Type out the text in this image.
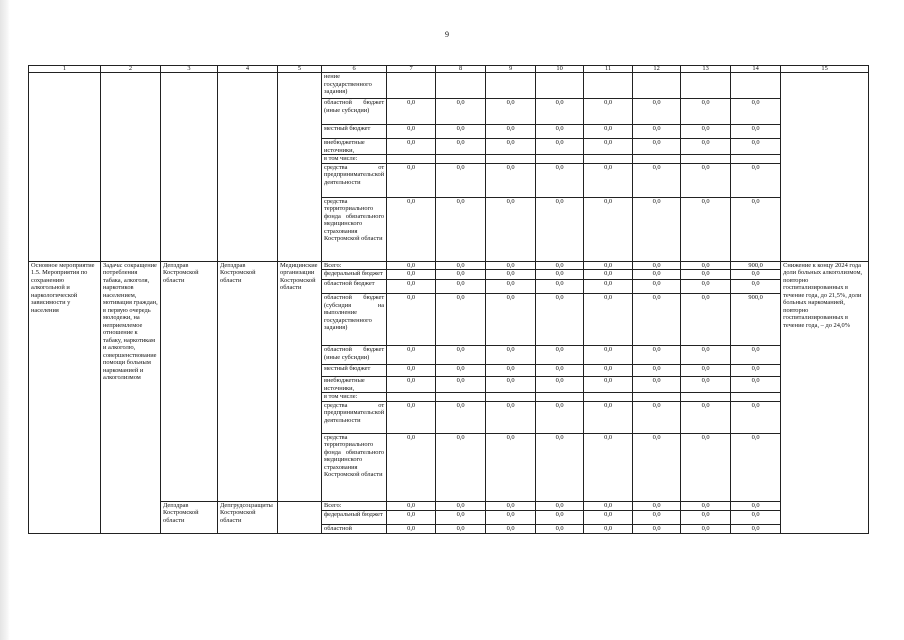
9
1	2	3	4	5	6	7	8	9	10	11	12	13	14	15
					нение государственного задания)									
					областной бюджет (иные субсидии)	0,0	0,0	0,0	0,0	0,0	0,0	0,0	0,0	
					местный бюджет	0,0	0,0	0,0	0,0	0,0	0,0	0,0	0,0	
					внебюджетные источники,	0,0	0,0	0,0	0,0	0,0	0,0	0,0	0,0	
					в том числе:									
					средства от предпринимательской деятельности	0,0	0,0	0,0	0,0	0,0	0,0	0,0	0,0	
					средства территориального фонда обязательного медицинского страхования Костромской области	0,0	0,0	0,0	0,0	0,0	0,0	0,0	0,0	
Основное мероприятие 1.5. Мероприятия по сохранению алкогольной и наркологической зависимости у населения	Задача: сокращение потребления табака, алкоголя, наркотиков населением, мотивация граждан, в первую очередь молодежи, на неприемлемое отношение к табаку, наркотикам и алкоголю, совершенствование помощи больным наркоманией и алкоголизмом	Депздрав Костромской области	Депздрав Костромской области	Медицинские организации Костромской области	Всего:	0,0	0,0	0,0	0,0	0,0	0,0	0,0	900,0	Снижение к концу 2024 года доли больных алкоголизмом, повторно госпитализированных в течение года, до 21,5%, доли больных наркоманией, повторно госпитализированных в течение года, – до 24,0%
					федеральный бюджет	0,0	0,0	0,0	0,0	0,0	0,0	0,0	0,0	
					областной бюджет	0,0	0,0	0,0	0,0	0,0	0,0	0,0	0,0	
					областной бюджет (субсидия на выполнение государственного задания)	0,0	0,0	0,0	0,0	0,0	0,0	0,0	900,0	
					областной бюджет (иные субсидии)	0,0	0,0	0,0	0,0	0,0	0,0	0,0	0,0	
					местный бюджет	0,0	0,0	0,0	0,0	0,0	0,0	0,0	0,0	
					внебюджетные источники,	0,0	0,0	0,0	0,0	0,0	0,0	0,0	0,0	
					в том числе:									
					средства от предпринимательской деятельности	0,0	0,0	0,0	0,0	0,0	0,0	0,0	0,0	
					средства территориального фонда обязательного медицинского страхования Костромской области	0,0	0,0	0,0	0,0	0,0	0,0	0,0	0,0	
		Депздрав Костромской области	Депгрудсоцзащиты Костромской области		Всего:	0,0	0,0	0,0	0,0	0,0	0,0	0,0	0,0	
					федеральный бюджет	0,0	0,0	0,0	0,0	0,0	0,0	0,0	0,0	
					областной	0,0	0,0	0,0	0,0	0,0	0,0	0,0	0,0	
